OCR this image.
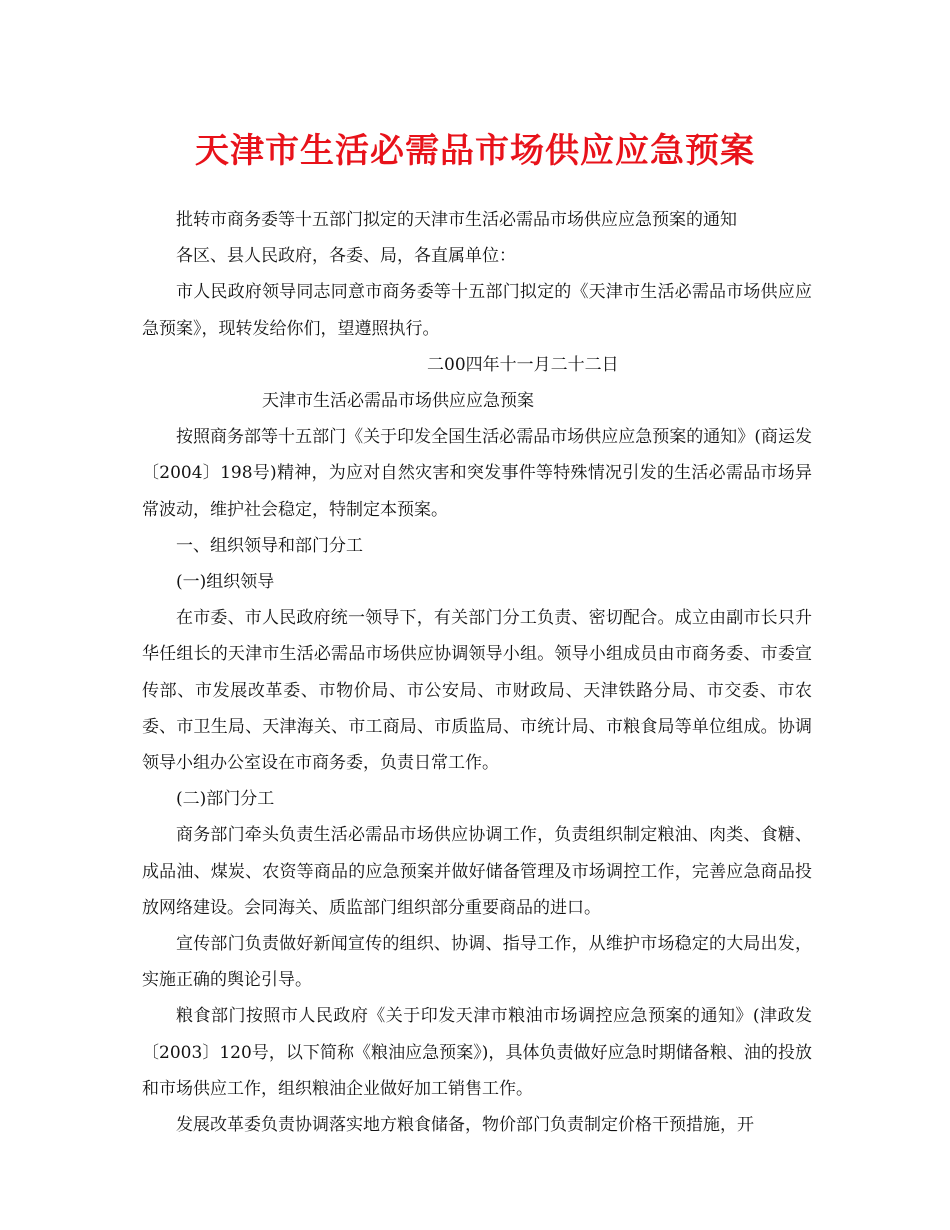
天津市生活必需品市场供应应急预案

批转市商务委等十五部门拟定的天津市生活必需品市场供应应急预案的通知

各区、县人民政府，各委、局，各直属单位：

市人民政府领导同志同意市商务委等十五部门拟定的《天津市生活必需品市场供应应急预案》，现转发给你们，望遵照执行。

二00四年十一月二十二日

天津市生活必需品市场供应应急预案

按照商务部等十五部门《关于印发全国生活必需品市场供应应急预案的通知》(商运发〔2004〕198号)精神，为应对自然灾害和突发事件等特殊情况引发的生活必需品市场异常波动，维护社会稳定，特制定本预案。

一、组织领导和部门分工

(一)组织领导

在市委、市人民政府统一领导下，有关部门分工负责、密切配合。成立由副市长只升华任组长的天津市生活必需品市场供应协调领导小组。领导小组成员由市商务委、市委宣传部、市发展改革委、市物价局、市公安局、市财政局、天津铁路分局、市交委、市农委、市卫生局、天津海关、市工商局、市质监局、市统计局、市粮食局等单位组成。协调领导小组办公室设在市商务委，负责日常工作。

(二)部门分工

商务部门牵头负责生活必需品市场供应协调工作，负责组织制定粮油、肉类、食糖、成品油、煤炭、农资等商品的应急预案并做好储备管理及市场调控工作，完善应急商品投放网络建设。会同海关、质监部门组织部分重要商品的进口。

宣传部门负责做好新闻宣传的组织、协调、指导工作，从维护市场稳定的大局出发，实施正确的舆论引导。

粮食部门按照市人民政府《关于印发天津市粮油市场调控应急预案的通知》(津政发〔2003〕120号，以下简称《粮油应急预案》)，具体负责做好应急时期储备粮、油的投放和市场供应工作，组织粮油企业做好加工销售工作。

发展改革委负责协调落实地方粮食储备，物价部门负责制定价格干预措施，开
